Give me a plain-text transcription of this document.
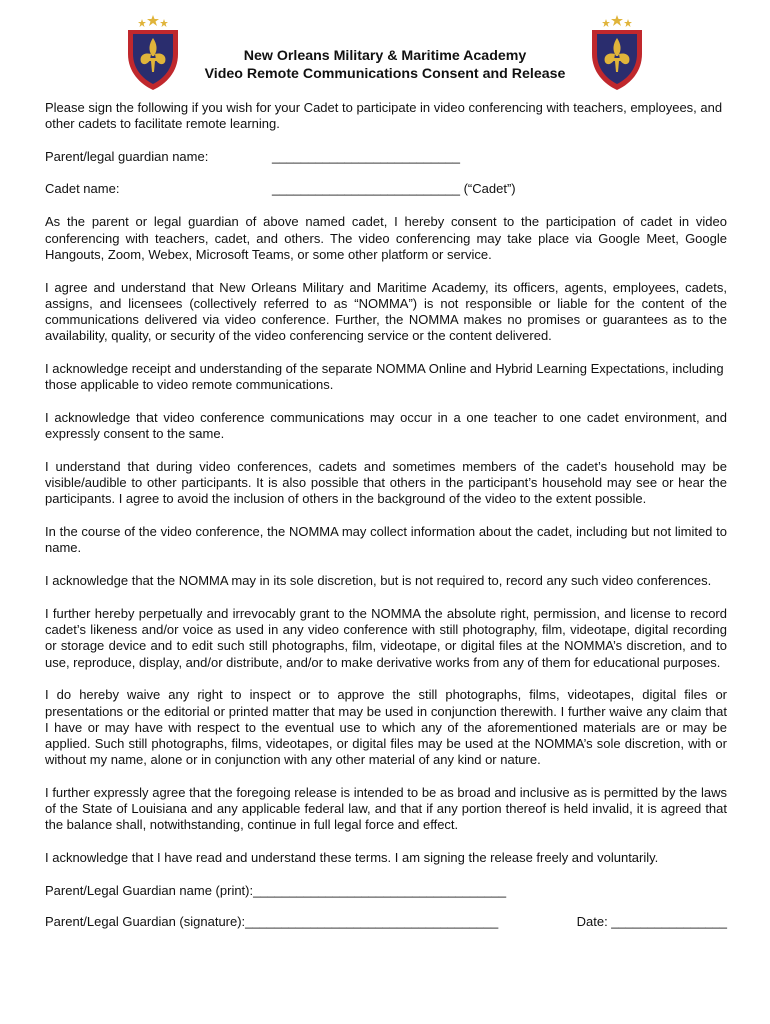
New Orleans Military & Maritime Academy
Video Remote Communications Consent and Release

Please sign the following if you wish for your Cadet to participate in video conferencing with teachers, employees, and other cadets to facilitate remote learning.

Parent/legal guardian name:	__________________________
Cadet name:	__________________________ (“Cadet”)

As the parent or legal guardian of above named cadet, I hereby consent to the participation of cadet in video conferencing with teachers, cadet, and others. The video conferencing may take place via Google Meet, Google Hangouts, Zoom, Webex, Microsoft Teams, or some other platform or service.

I agree and understand that New Orleans Military and Maritime Academy, its officers, agents, employees, cadets, assigns, and licensees (collectively referred to as “NOMMA”) is not responsible or liable for the content of the communications delivered via video conference. Further, the NOMMA makes no promises or guarantees as to the availability, quality, or security of the video conferencing service or the content delivered.

I acknowledge receipt and understanding of the separate NOMMA Online and Hybrid Learning Expectations, including those applicable to video remote communications.

I acknowledge that video conference communications may occur in a one teacher to one cadet environment, and expressly consent to the same.

I understand that during video conferences, cadets and sometimes members of the cadet’s household may be visible/audible to other participants. It is also possible that others in the participant’s household may see or hear the participants. I agree to avoid the inclusion of others in the background of the video to the extent possible.

In the course of the video conference, the NOMMA may collect information about the cadet, including but not limited to name.

I acknowledge that the NOMMA may in its sole discretion, but is not required to, record any such video conferences.

I further hereby perpetually and irrevocably grant to the NOMMA the absolute right, permission, and license to record cadet’s likeness and/or voice as used in any video conference with still photography, film, videotape, digital recording or storage device and to edit such still photographs, film, videotape, or digital files at the NOMMA’s discretion, and to use, reproduce, display, and/or distribute, and/or to make derivative works from any of them for educational purposes.

I do hereby waive any right to inspect or to approve the still photographs, films, videotapes, digital files or presentations or the editorial or printed matter that may be used in conjunction therewith. I further waive any claim that I have or may have with respect to the eventual use to which any of the aforementioned materials are or may be applied. Such still photographs, films, videotapes, or digital files may be used at the NOMMA’s sole discretion, with or without my name, alone or in conjunction with any other material of any kind or nature.

I further expressly agree that the foregoing release is intended to be as broad and inclusive as is permitted by the laws of the State of Louisiana and any applicable federal law, and that if any portion thereof is held invalid, it is agreed that the balance shall, notwithstanding, continue in full legal force and effect.

I acknowledge that I have read and understand these terms. I am signing the release freely and voluntarily.

Parent/Legal Guardian name (print):___________________________________
Parent/Legal Guardian (signature):___________________________________	Date: ________________
